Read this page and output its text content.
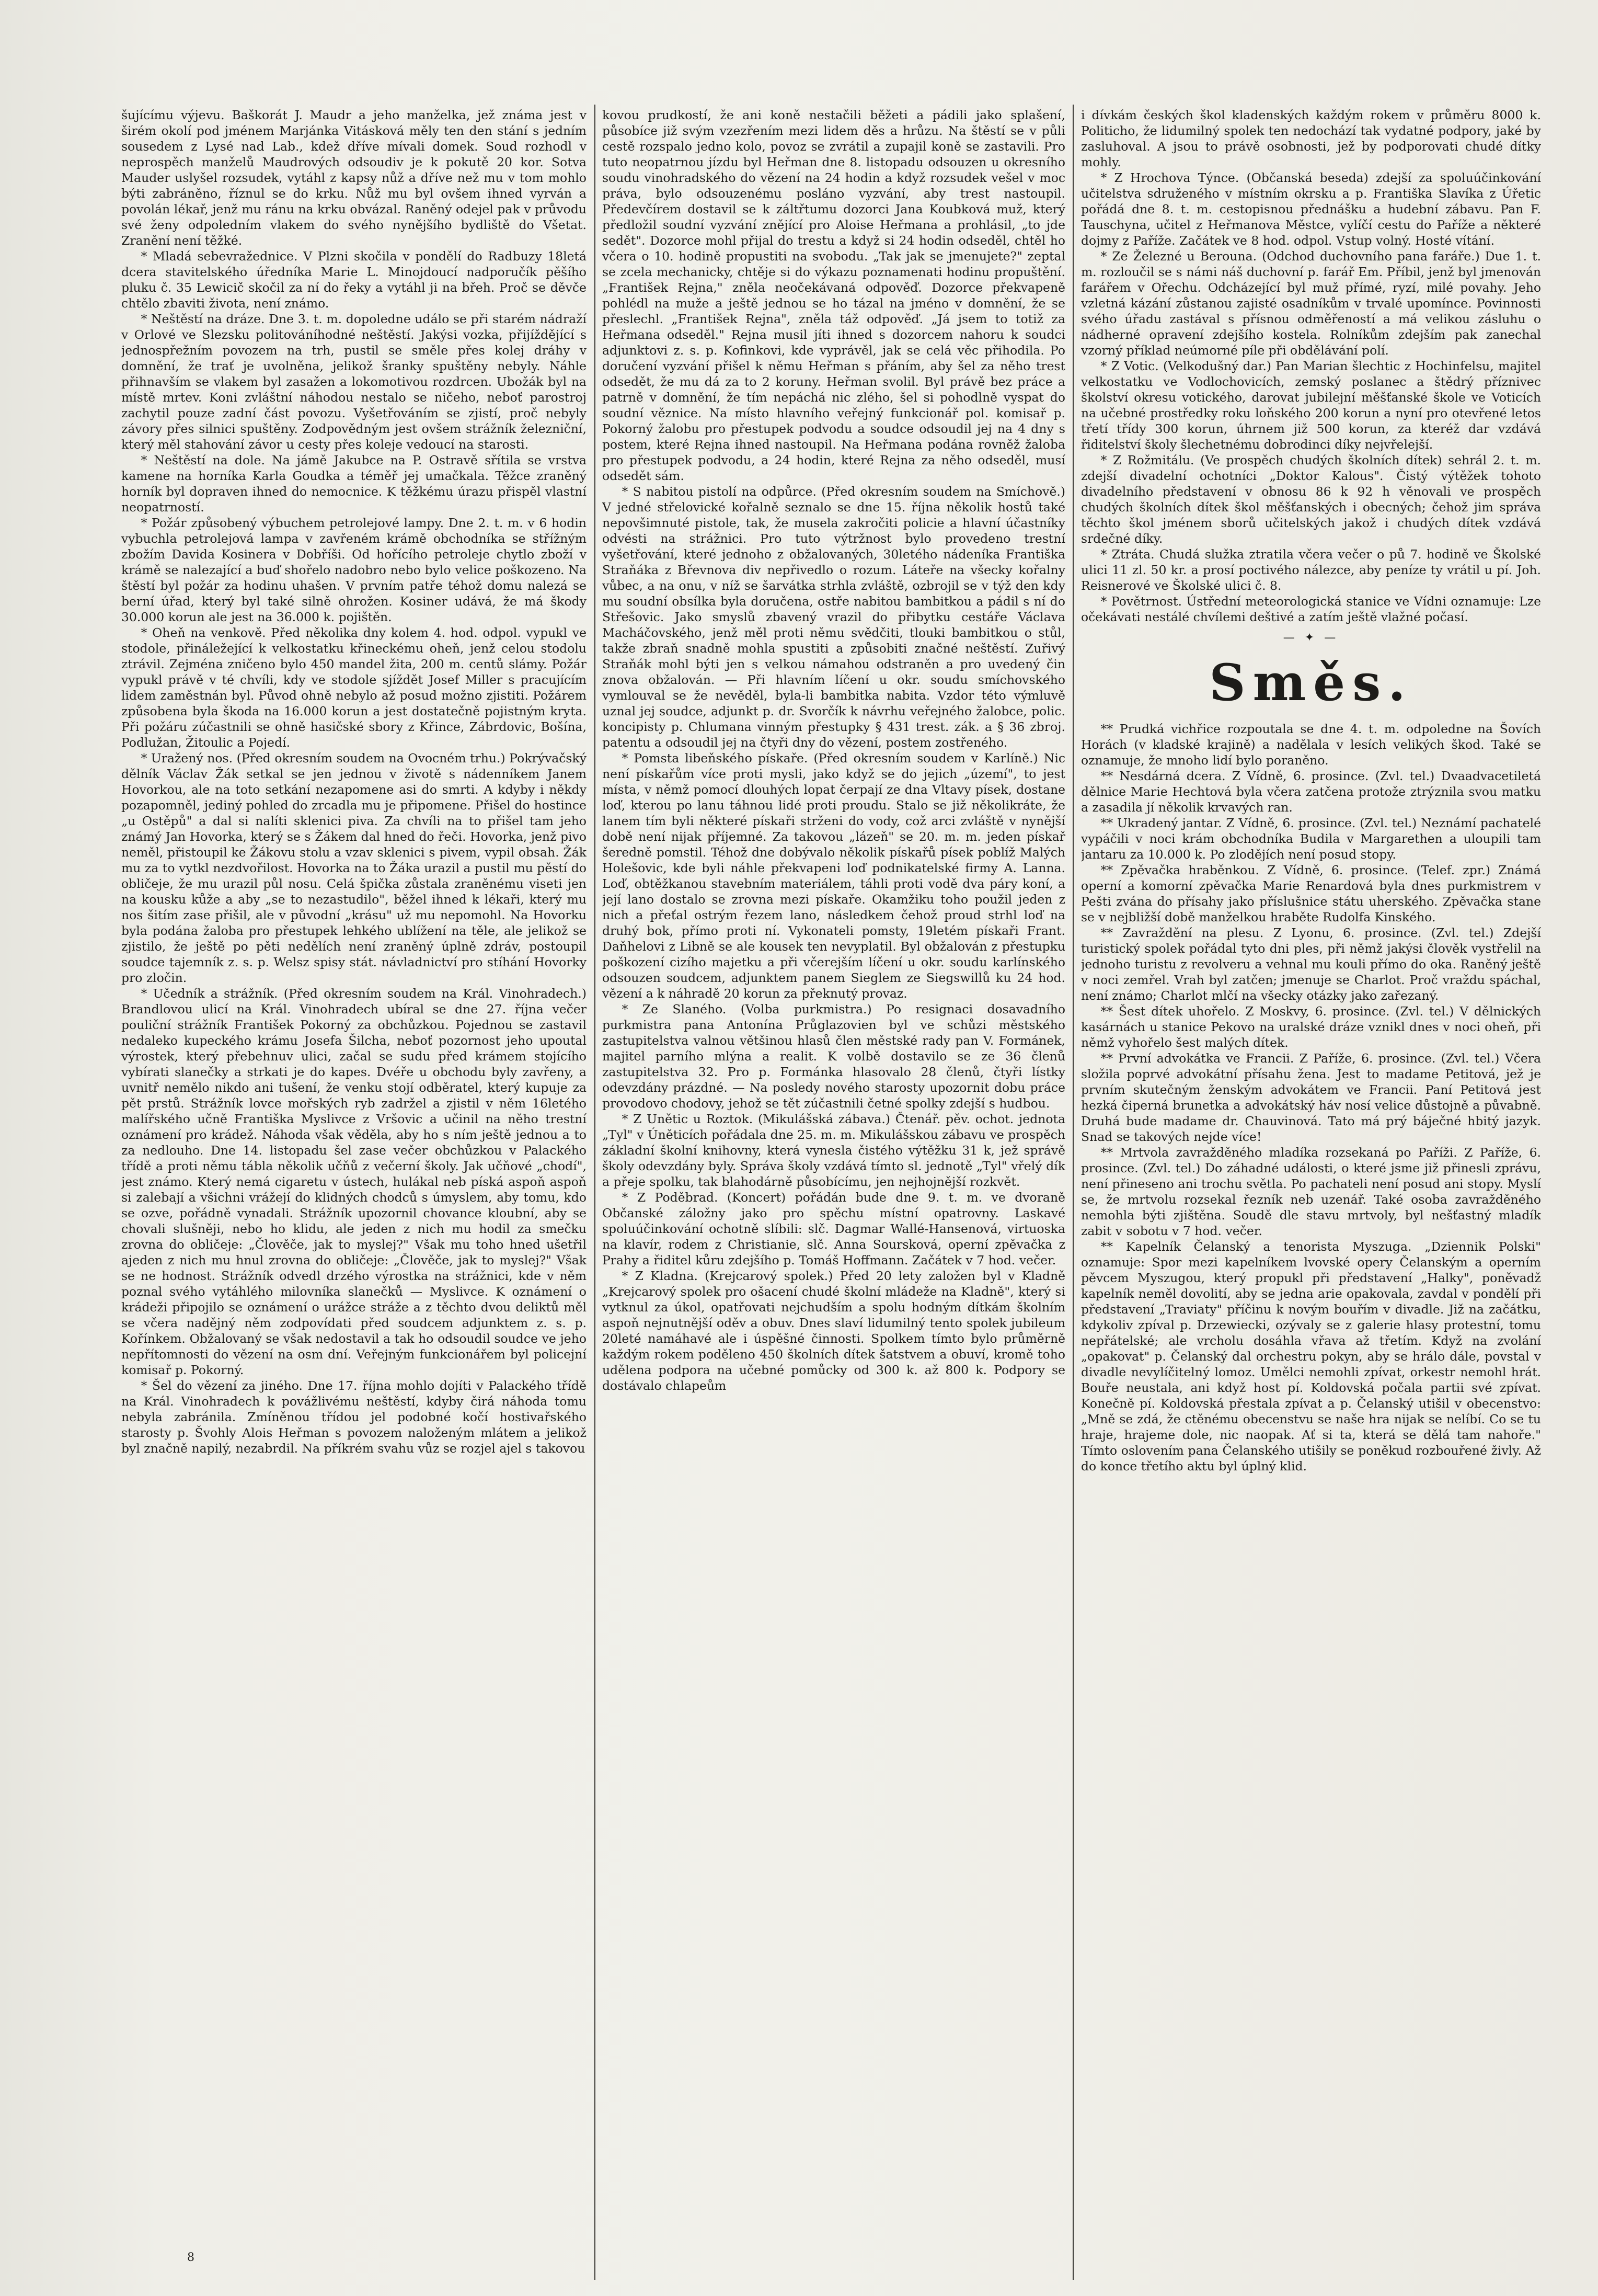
šujícímu výjevu. Baškorát J. Maudr a jeho manželka, jež známa jest v širém okolí pod jménem Marjánka Vitásková měly ten den stání s jedním sousedem z Lysé nad Lab., kdež dříve mívali domek. Soud rozhodl v neprospěch manželů Maudrových odsoudiv je k pokutě 20 kor. Sotva Mauder uslyšel rozsudek, vytáhl z kapsy nůž a dříve než mu v tom mohlo býti zabráněno, říznul se do krku. Nůž mu byl ovšem ihned vyrván a povolán lékař, jenž mu ránu na krku obvázal. Raněný odejel pak v průvodu své ženy odpoledním vlakem do svého nynějšího bydliště do Všetat. Zranění není těžké.

* Mladá sebevražednice. V Plzni skočila v pondělí do Radbuzy 18letá dcera stavitelského úředníka Marie L. Minojdoucí nadporučík pěšího pluku č. 35 Lewicič skočil za ní do řeky a vytáhl ji na břeh. Proč se děvče chtělo zbaviti života, není známo.

* Neštěstí na dráze. Dne 3. t. m. dopoledne událo se při starém nádraží v Orlové ve Slezsku politováníhodné neštěstí. Jakýsi vozka, přijíždějící s jednospřežním povozem na trh, pustil se směle přes kolej dráhy v domnění, že trať je uvolněna, jelikož šranky spuštěny nebyly. Náhle přihnavším se vlakem byl zasažen a lokomotivou rozdrcen. Ubožák byl na místě mrtev. Koni zvláštní náhodou nestalo se ničeho, neboť parostroj zachytil pouze zadní část povozu. Vyšetřováním se zjistí, proč nebyly závory přes silnici spuštěny. Zodpovědným jest ovšem strážník železniční, který měl stahování závor u cesty přes koleje vedoucí na starosti.

* Neštěstí na dole. Na jámě Jakubce na P. Ostravě sřítila se vrstva kamene na horníka Karla Goudka a téměř jej umačkala. Těžce zraněný horník byl dopraven ihned do nemocnice. K těžkému úrazu přispěl vlastní neopatrností.

* Požár způsobený výbuchem petrolejové lampy. Dne 2. t. m. v 6 hodin vybuchla petrolejová lampa v zavřeném krámě obchodníka se střížným zbožím Davida Kosinera v Dobříši. Od hořícího petroleje chytlo zboží v krámě se nalezající a buď shořelo nadobro nebo bylo velice poškozeno. Na štěstí byl požár za hodinu uhašen. V prvním patře téhož domu nalezá se berní úřad, který byl také silně ohrožen. Kosiner udává, že má škody 30.000 korun ale jest na 36.000 k. pojištěn.

* Oheň na venkově. Před několika dny kolem 4. hod. odpol. vypukl ve stodole, přináležející k velkostatku křineckému oheň, jenž celou stodolu ztrávil. Zejména zničeno bylo 450 mandel žita, 200 m. centů slámy. Požár vypukl právě v té chvíli, kdy ve stodole sjíždět Josef Miller s pracujícím lidem zaměstnán byl. Původ ohně nebylo až posud možno zjistiti. Požárem způsobena byla škoda na 16.000 korun a jest dostatečně pojistným kryta. Při požáru zúčastnili se ohně hasičské sbory z Křince, Zábrdovic, Bošína, Podlužan, Žitoulic a Pojedí.

* Uražený nos. (Před okresním soudem na Ovocném trhu.) Pokrývačský dělník Václav Žák setkal se jen jednou v životě s nádenníkem Janem Hovorkou, ale na toto setkání nezapomene asi do smrti. A kdyby i někdy pozapomněl, jediný pohled do zrcadla mu je připomene. Přišel do hostince „u Ostěpů" a dal si nalíti sklenici piva. Za chvíli na to přišel tam jeho známý Jan Hovorka, který se s Žákem dal hned do řeči. Hovorka, jenž pivo neměl, přistoupil ke Žákovu stolu a vzav sklenici s pivem, vypil obsah. Žák mu za to vytkl nezdvořilost. Hovorka na to Žáka urazil a pustil mu pěstí do obličeje, že mu urazil půl nosu. Celá špička zůstala zraněnému viseti jen na kousku kůže a aby „se to nezastudilo", běžel ihned k lékaři, který mu nos šitím zase přišil, ale v původní „krásu" už mu nepomohl. Na Hovorku byla podána žaloba pro přestupek lehkého ublížení na těle, ale jelikož se zjistilo, že ještě po pěti nedělích není zraněný úplně zdráv, postoupil soudce tajemník z. s. p. Welsz spisy stát. návladnictví pro stíhání Hovorky pro zločin.

* Učedník a strážník. (Před okresním soudem na Král. Vinohradech.) Brandlovou ulicí na Král. Vinohradech ubíral se dne 27. října večer pouliční strážník František Pokorný za obchůzkou. Pojednou se zastavil nedaleko kupeckého krámu Josefa Šilcha, neboť pozornost jeho upoutal výrostek, který přebehnuv ulici, začal se sudu před krámem stojícího vybírati slanečky a strkati je do kapes. Dvéře u obchodu byly zavřeny, a uvnitř nemělo nikdo ani tušení, že venku stojí odběratel, který kupuje za pět prstů. Strážník lovce mořských ryb zadržel a zjistil v něm 16letého malířského učně Františka Myslivce z Vršovic a učinil na něho trestní oznámení pro krádež. Náhoda však věděla, aby ho s ním ještě jednou a to za nedlouho. Dne 14. listopadu šel zase večer obchůzkou v Palackého třídě a proti němu tábla několik učňů z večerní školy. Jak učňové „chodí", jest známo. Který nemá cigaretu v ústech, hulákal neb píská aspoň aspoň si zalebají a všichni vrážejí do klidných chodců s úmyslem, aby tomu, kdo se ozve, pořádně vynadali. Strážník upozornil chovance kloubní, aby se chovali slušněji, nebo ho klidu, ale jeden z nich mu hodil za smečku zrovna do obličeje: „Člověče, jak to myslej?" Však mu toho hned ušetřil ajeden z nich mu hnul zrovna do obličeje: „Člověče, jak to myslej?" Však se ne hodnost. Strážník odvedl drzého výrostka na strážnici, kde v něm poznal svého vytáhlého milovníka slanečků — Myslivce. K oznámení o krádeži připojilo se oznámení o urážce stráže a z těchto dvou deliktů měl se včera nadějný něm zodpovídati před soudcem adjunktem z. s. p. Kořínkem. Obžalovaný se však nedostavil a tak ho odsoudil soudce ve jeho nepřítomnosti do vězení na osm dní. Veřejným funkcionářem byl policejní komisař p. Pokorný.

* Šel do vězení za jiného. Dne 17. října mohlo dojíti v Palackého třídě na Král. Vinohradech k povážlivému neštěstí, kdyby čirá náhoda tomu nebyla zabránila. Zmíněnou třídou jel podobné kočí hostivařského starosty p. Švohly Alois Heřman s povozem naloženým mlátem a jelikož byl značně napilý, nezabrdil. Na příkrém svahu vůz se rozjel ajel s takovou

kovou prudkostí, že ani koně nestačili běžeti a pádili jako splašení, působíce již svým vzezřením mezi lidem děs a hrůzu. Na štěstí se v půli cestě rozspalo jedno kolo, povoz se zvrátil a zupajil koně se zastavili. Pro tuto neopatrnou jízdu byl Heřman dne 8. listopadu odsouzen u okresního soudu vinohradského do vězení na 24 hodin a když rozsudek vešel v moc práva, bylo odsouzenému posláno vyzvání, aby trest nastoupil. Předevčírem dostavil se k záltřtumu dozorci Jana Koubková muž, který předložil soudní vyzvání znějící pro Aloise Heřmana a prohlásil, „to jde sedět". Dozorce mohl přijal do trestu a když si 24 hodin odseděl, chtěl ho včera o 10. hodině propustiti na svobodu. „Tak jak se jmenujete?" zeptal se zcela mechanicky, chtěje si do výkazu poznamenati hodinu propuštění. „František Rejna," zněla neočekávaná odpověď. Dozorce překvapeně pohlédl na muže a ještě jednou se ho tázal na jméno v domnění, že se přeslechl. „František Rejna", zněla táž odpověď. „Já jsem to totiž za Heřmana odseděl." Rejna musil jíti ihned s dozorcem nahoru k soudci adjunktovi z. s. p. Kofinkovi, kde vyprávěl, jak se celá věc přihodila. Po doručení vyzvání přišel k němu Heřman s přáním, aby šel za něho trest odsedět, že mu dá za to 2 koruny. Heřman svolil. Byl právě bez práce a patrně v domnění, že tím nepáchá nic zlého, šel si pohodlně vyspat do soudní věznice. Na místo hlavního veřejný funkcionář pol. komisař p. Pokorný žalobu pro přestupek podvodu a soudce odsoudil jej na 4 dny s postem, které Rejna ihned nastoupil. Na Heřmana podána rovněž žaloba pro přestupek podvodu, a 24 hodin, které Rejna za něho odseděl, musí odsedět sám.

* S nabitou pistolí na odpůrce. (Před okresním soudem na Smíchově.) V jedné střelovické kořalně seznalo se dne 15. října několik hostů také nepovšimnuté pistole, tak, že musela zakročiti policie a hlavní účastníky odvésti na strážnici. Pro tuto výtržnost bylo provedeno trestní vyšetřování, které jednoho z obžalovaných, 30letého nádeníka Františka Straňáka z Břevnova div nepřivedlo o rozum. Láteře na všecky kořalny vůbec, a na onu, v níž se šarvátka strhla zvláště, ozbrojil se v týž den kdy mu soudní obsílka byla doručena, ostře nabitou bambitkou a pádil s ní do Střešovic. Jako smyslů zbavený vrazil do přibytku cestáře Václava Macháčovského, jenž měl proti němu svědčiti, tlouki bambitkou o stůl, takže zbraň snadně mohla spustiti a způsobiti značné neštěstí. Zuřivý Straňák mohl býti jen s velkou námahou odstraněn a pro uvedený čin znova obžalován. — Při hlavním líčení u okr. soudu smíchovského vymlouval se že nevěděl, byla-li bambitka nabita. Vzdor této výmluvě uznal jej soudce, adjunkt p. dr. Svorčík k návrhu veřejného žalobce, polic. koncipisty p. Chlumana vinným přestupky § 431 trest. zák. a § 36 zbroj. patentu a odsoudil jej na čtyři dny do vězení, postem zostřeného.

* Pomsta libeňského pískaře. (Před okresním soudem v Karlíně.) Nic není pískařům více proti mysli, jako když se do jejich „území", to jest místa, v němž pomocí dlouhých lopat čerpají ze dna Vltavy písek, dostane loď, kterou po lanu táhnou lidé proti proudu. Stalo se již několikráte, že lanem tím byli některé pískaři strženi do vody, což arci zvláště v nynější době není nijak příjemné. Za takovou „lázeň" se 20. m. m. jeden pískař šeredně pomstil. Téhož dne dobývalo několik pískařů písek poblíž Malých Holešovic, kde byli náhle překvapeni loď podnikatelské firmy A. Lanna. Loď, obtěžkanou stavebním materiálem, táhli proti vodě dva páry koní, a její lano dostalo se zrovna mezi pískaře. Okamžiku toho použil jeden z nich a přeťal ostrým řezem lano, následkem čehož proud strhl loď na druhý bok, přímo proti ní. Vykonateli pomsty, 19letém pískaři Frant. Daňhelovi z Libně se ale kousek ten nevyplatil. Byl obžalován z přestupku poškození cizího majetku a při včerejším líčení u okr. soudu karlínského odsouzen soudcem, adjunktem panem Sieglem ze Siegswillů ku 24 hod. vězení a k náhradě 20 korun za překnutý provaz.

* Ze Slaného. (Volba purkmistra.) Po resignaci dosavadního purkmistra pana Antonína Průglazovien byl ve schůzi městského zastupitelstva valnou většinou hlasů člen městské rady pan V. Formánek, majitel parního mlýna a realit. K volbě dostavilo se ze 36 členů zastupitelstva 32. Pro p. Formánka hlasovalo 28 členů, čtyři lístky odevzdány prázdné. — Na posledy nového starosty upozornit dobu práce provodovo chodovy, jehož se tět zúčastnili četné spolky zdejší s hudbou.

* Z Unětic u Roztok. (Mikulášská zábava.) Čtenář. pěv. ochot. jednota „Tyl" v Úněticích pořádala dne 25. m. m. Mikulášskou zábavu ve prospěch základní školní knihovny, která vynesla čistého výtěžku 31 k, jež správě školy odevzdány byly. Správa školy vzdává tímto sl. jednotě „Tyl" vřelý dík a přeje spolku, tak blahodárně působícímu, jen nejhojnější rozkvět.

* Z Poděbrad. (Koncert) pořádán bude dne 9. t. m. ve dvoraně Občanské záložny jako pro spěchu místní opatrovny. Laskavé spoluúčinkování ochotně slíbili: slč. Dagmar Wallé-Hansenová, virtuoska na klavír, rodem z Christianie, slč. Anna Soursková, operní zpěvačka z Prahy a řiditel kůru zdejšího p. Tomáš Hoffmann. Začátek v 7 hod. večer.

* Z Kladna. (Krejcarový spolek.) Před 20 lety založen byl v Kladně „Krejcarový spolek pro ošacení chudé školní mládeže na Kladně", který si vytknul za úkol, opatřovati nejchudším a spolu hodným dítkám školním aspoň nejnutnější oděv a obuv. Dnes slaví lidumilný tento spolek jubileum 20leté namáhavé ale i úspěšné činnosti. Spolkem tímto bylo průměrně každým rokem poděleno 450 školních dítek šatstvem a obuví, kromě toho udělena podpora na učebné pomůcky od 300 k. až 800 k. Podpory se dostávalo chlapeům

i dívkám českých škol kladenských každým rokem v průměru 8000 k. Politicho, že lidumilný spolek ten nedochází tak vydatné podpory, jaké by zasluhoval. A jsou to právě osobnosti, jež by podporovati chudé dítky mohly.

* Z Hrochova Týnce. (Občanská beseda) zdejší za spoluúčinkování učitelstva sdruženého v místním okrsku a p. Františka Slavíka z Úřetic pořádá dne 8. t. m. cestopisnou přednášku a hudební zábavu. Pan F. Tauschyna, učitel z Heřmanova Městce, vylíčí cestu do Paříže a některé dojmy z Paříže. Začátek ve 8 hod. odpol. Vstup volný. Hosté vítání.

* Ze Železné u Berouna. (Odchod duchovního pana faráře.) Due 1. t. m. rozloučil se s námi náš duchovní p. farář Em. Příbil, jenž byl jmenován farářem v Ořechu. Odcházející byl muž přímé, ryzí, milé povahy. Jeho vzletná kázání zůstanou zajisté osadníkům v trvalé upomínce. Povinnosti svého úřadu zastával s přísnou odměřeností a má velikou zásluhu o nádherné opravení zdejšího kostela. Rolníkům zdejším pak zanechal vzorný příklad neúmorné píle při obdělávání polí.

* Z Votic. (Velkodušný dar.) Pan Marian šlechtic z Hochinfelsu, majitel velkostatku ve Vodlochovicích, zemský poslanec a štědrý příznivec školství okresu votického, darovat jubilejní měšťanské škole ve Voticích na učebné prostředky roku loňského 200 korun a nyní pro otevřené letos třetí třídy 300 korun, úhrnem již 500 korun, za kteréž dar vzdává řiditelství školy šlechetnému dobrodinci díky nejvřelejší.

* Z Rožmitálu. (Ve prospěch chudých školních dítek) sehrál 2. t. m. zdejší divadelní ochotníci „Doktor Kalous". Čistý výtěžek tohoto divadelního představení v obnosu 86 k 92 h věnovali ve prospěch chudých školních dítek škol měšťanských i obecných; čehož jim správa těchto škol jménem sborů učitelských jakož i chudých dítek vzdává srdečné díky.

* Ztráta. Chudá služka ztratila včera večer o pů 7. hodině ve Školské ulici 11 zl. 50 kr. a prosí poctivého nálezce, aby peníze ty vrátil u pí. Joh. Reisnerové ve Školské ulici č. 8.

* Povětrnost. Ústřední meteorologická stanice ve Vídni oznamuje: Lze očekávati nestálé chvílemi deštivé a zatím ještě vlažné počasí.

— ✦ —
Směs.

** Prudká vichřice rozpoutala se dne 4. t. m. odpoledne na Šovích Horách (v kladské krajině) a nadělala v lesích velikých škod. Také se oznamuje, že mnoho lidí bylo poraněno.

** Nesdárná dcera. Z Vídně, 6. prosince. (Zvl. tel.) Dvaadvacetiletá dělnice Marie Hechtová byla včera zatčena protože ztrýznila svou matku a zasadila jí několik krvavých ran.

** Ukradený jantar. Z Vídně, 6. prosince. (Zvl. tel.) Neznámí pachatelé vypáčili v noci krám obchodníka Budila v Margarethen a uloupili tam jantaru za 10.000 k. Po zlodějích není posud stopy.

** Zpěvačka hraběnkou. Z Vídně, 6. prosince. (Telef. zpr.) Známá operní a komorní zpěvačka Marie Renardová byla dnes purkmistrem v Pešti zvána do přísahy jako příslušnice státu uherského. Zpěvačka stane se v nejbližší době manželkou hraběte Rudolfa Kinského.

** Zavraždění na plesu. Z Lyonu, 6. prosince. (Zvl. tel.) Zdejší turistický spolek pořádal tyto dni ples, při němž jakýsi člověk vystřelil na jednoho turistu z revolveru a vehnal mu kouli přímo do oka. Raněný ještě v noci zemřel. Vrah byl zatčen; jmenuje se Charlot. Proč vraždu spáchal, není známo; Charlot mlčí na všecky otázky jako zařezaný.

** Šest dítek uhořelo. Z Moskvy, 6. prosince. (Zvl. tel.) V dělnických kasárnách u stanice Pekovo na uralské dráze vznikl dnes v noci oheň, při němž vyhořelo šest malých dítek.

** První advokátka ve Francii. Z Paříže, 6. prosince. (Zvl. tel.) Včera složila poprvé advokátní přísahu žena. Jest to madame Petitová, jež je prvním skutečným ženským advokátem ve Francii. Paní Petitová jest hezká čiperná brunetka a advokátský háv nosí velice důstojně a půvabně. Druhá bude madame dr. Chauvinová. Tato má prý báječné hbitý jazyk. Snad se takových nejde více!

** Mrtvola zavražděného mladíka rozsekaná po Paříži. Z Paříže, 6. prosince. (Zvl. tel.) Do záhadné události, o které jsme již přinesli zprávu, není přineseno ani trochu světla. Po pachateli není posud ani stopy. Myslí se, že mrtvolu rozsekal řezník neb uzenář. Také osoba zavražděného nemohla býti zjištěna. Soudě dle stavu mrtvoly, byl nešťastný mladík zabit v sobotu v 7 hod. večer.

** Kapelník Čelanský a tenorista Myszuga. „Dziennik Polski" oznamuje: Spor mezi kapelníkem lvovské opery Čelanským a operním pěvcem Myszugou, který propukl při představení „Halky", poněvadž kapelník neměl dovolití, aby se jedna arie opakovala, zavdal v pondělí při představení „Traviaty" příčinu k novým bouřím v divadle. Již na začátku, kdykoliv zpíval p. Drzewiecki, ozývaly se z galerie hlasy protestní, tomu nepřátelské; ale vrcholu dosáhla vřava až třetím. Když na zvolání „opakovat" p. Čelanský dal orchestru pokyn, aby se hrálo dále, povstal v divadle nevylíčitelný lomoz. Umělci nemohli zpívat, orkestr nemohl hrát. Bouře neustala, ani když host pí. Koldovská počala partii své zpívat. Konečně pí. Koldovská přestala zpívat a p. Čelanský utišil v obecenstvo: „Mně se zdá, že ctěnému obecenstvu se naše hra nijak se nelíbí. Co se tu hraje, hrajeme dole, nic naopak. Ať si ta, která se dělá tam nahoře." Tímto oslovením pana Čelanského utišily se poněkud rozbouřené živly. Až do konce třetího aktu byl úplný klid.

8
